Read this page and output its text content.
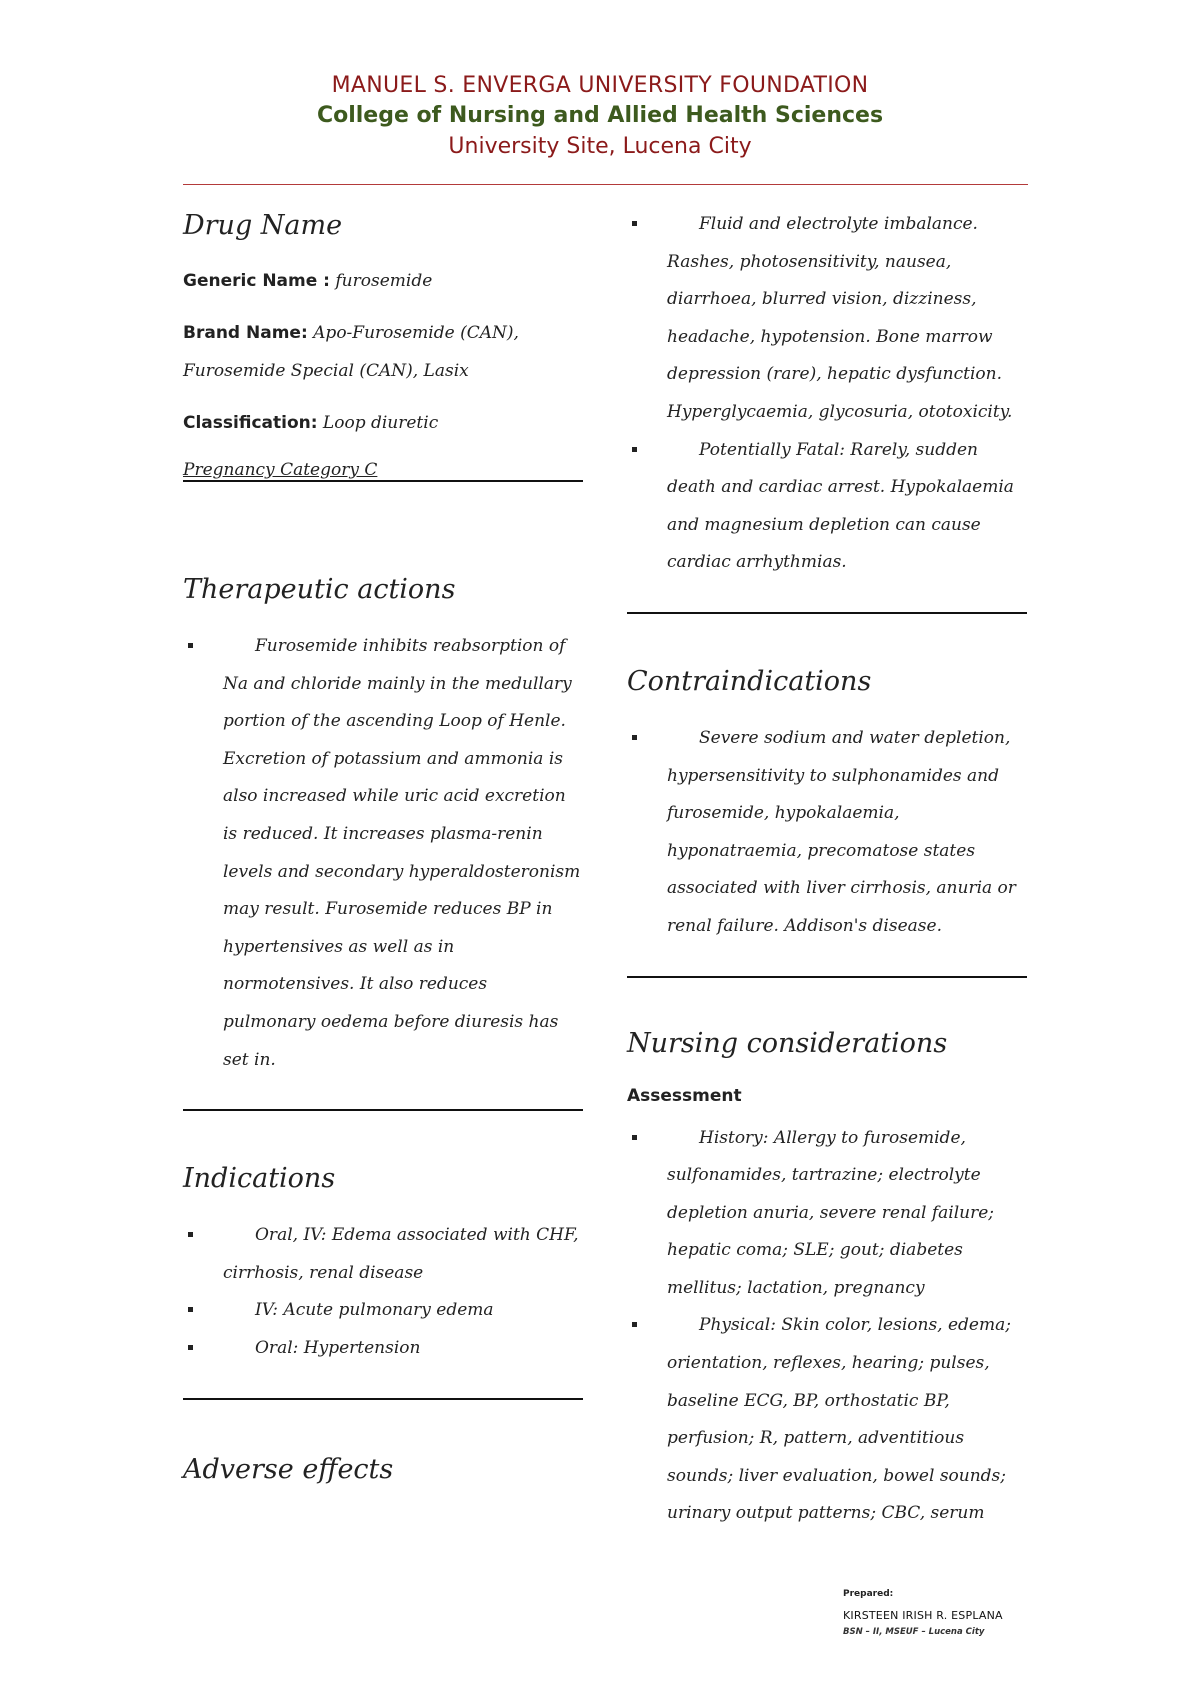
MANUEL S. ENVERGA UNIVERSITY FOUNDATION
College of Nursing and Allied Health Sciences
University Site, Lucena City
Drug Name
Generic Name : furosemide
Brand Name: Apo-Furosemide (CAN),
Furosemide Special (CAN), Lasix
Classification: Loop diuretic
Pregnancy Category C
Therapeutic actions
Furosemide inhibits reabsorption of Na and chloride mainly in the medullary portion of the ascending Loop of Henle. Excretion of potassium and ammonia is also increased while uric acid excretion is reduced. It increases plasma-renin levels and secondary hyperaldosteronism may result. Furosemide reduces BP in hypertensives as well as in normotensives. It also reduces pulmonary oedema before diuresis has set in.
Indications
Oral, IV: Edema associated with CHF, cirrhosis, renal disease
IV: Acute pulmonary edema
Oral: Hypertension
Adverse effects
Fluid and electrolyte imbalance. Rashes, photosensitivity, nausea, diarrhoea, blurred vision, dizziness, headache, hypotension. Bone marrow depression (rare), hepatic dysfunction. Hyperglycaemia, glycosuria, ototoxicity.
Potentially Fatal: Rarely, sudden death and cardiac arrest. Hypokalaemia and magnesium depletion can cause cardiac arrhythmias.
Contraindications
Severe sodium and water depletion, hypersensitivity to sulphonamides and furosemide, hypokalaemia, hyponatraemia, precomatose states associated with liver cirrhosis, anuria or renal failure. Addison's disease.
Nursing considerations
Assessment
History: Allergy to furosemide, sulfonamides, tartrazine; electrolyte depletion anuria, severe renal failure; hepatic coma; SLE; gout; diabetes mellitus; lactation, pregnancy
Physical: Skin color, lesions, edema; orientation, reflexes, hearing; pulses, baseline ECG, BP, orthostatic BP, perfusion; R, pattern, adventitious sounds; liver evaluation, bowel sounds; urinary output patterns; CBC, serum
Prepared:
KIRSTEEN IRISH R. ESPLANA
BSN – II, MSEUF – Lucena City
